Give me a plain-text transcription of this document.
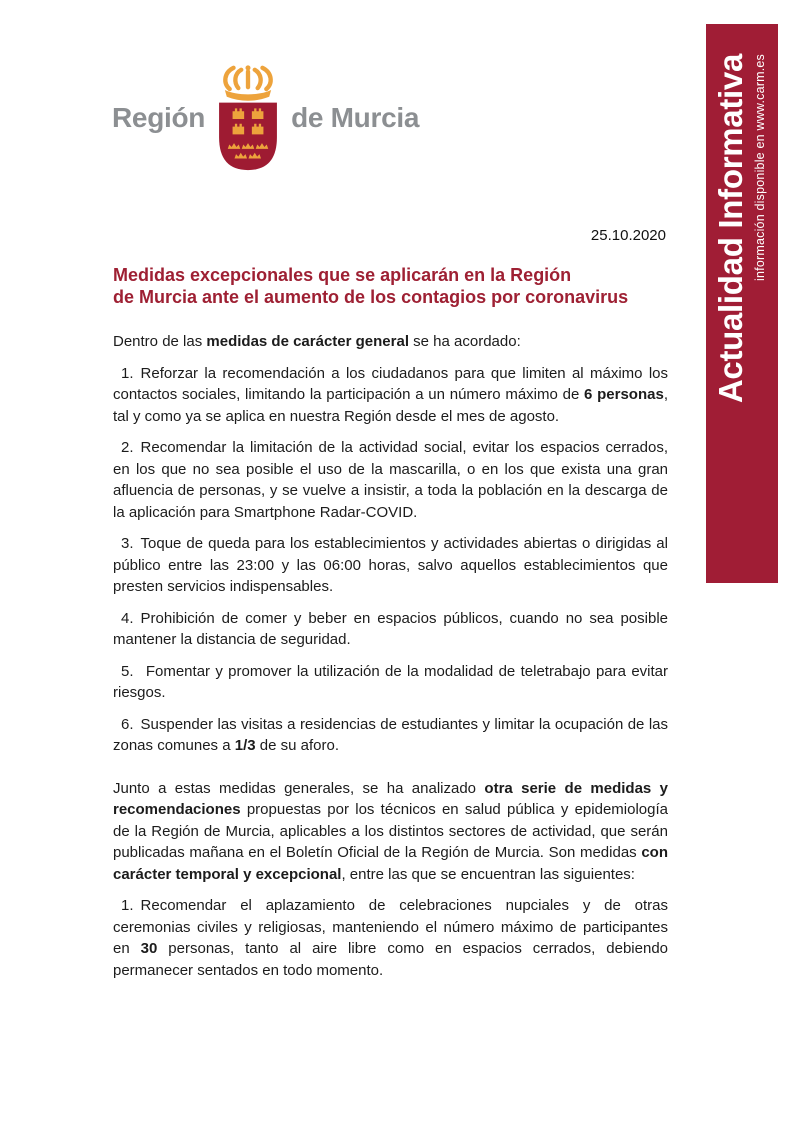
Región	de Murcia	Actualidad Informativa información disponible en www.carm.es
25.10.2020
Medidas excepcionales que se aplicarán en la Región
de Murcia ante el aumento de los contagios por coronavirus

Dentro de las medidas de carácter general se ha acordado:

1. Reforzar la recomendación a los ciudadanos para que limiten al máximo los contactos sociales, limitando la participación a un número máximo de 6 personas, tal y como ya se aplica en nuestra Región desde el mes de agosto.

2. Recomendar la limitación de la actividad social, evitar los espacios cerrados, en los que no sea posible el uso de la mascarilla, o en los que exista una gran afluencia de personas, y se vuelve a insistir, a toda la población en la descarga de la aplicación para Smartphone Radar-COVID.

3. Toque de queda para los establecimientos y actividades abiertas o dirigidas al público entre las 23:00 y las 06:00 horas, salvo aquellos establecimientos que presten servicios indispensables.

4. Prohibición de comer y beber en espacios públicos, cuando no sea posible mantener la distancia de seguridad.

5. Fomentar y promover la utilización de la modalidad de teletrabajo para evitar riesgos.

6. Suspender las visitas a residencias de estudiantes y limitar la ocupación de las zonas comunes a 1/3 de su aforo.

Junto a estas medidas generales, se ha analizado otra serie de medidas y recomendaciones propuestas por los técnicos en salud pública y epidemiología de la Región de Murcia, aplicables a los distintos sectores de actividad, que serán publicadas mañana en el Boletín Oficial de la Región de Murcia. Son medidas con carácter temporal y excepcional, entre las que se encuentran las siguientes:

1. Recomendar el aplazamiento de celebraciones nupciales y de otras ceremonias civiles y religiosas, manteniendo el número máximo de participantes en 30 personas, tanto al aire libre como en espacios cerrados, debiendo permanecer sentados en todo momento.
